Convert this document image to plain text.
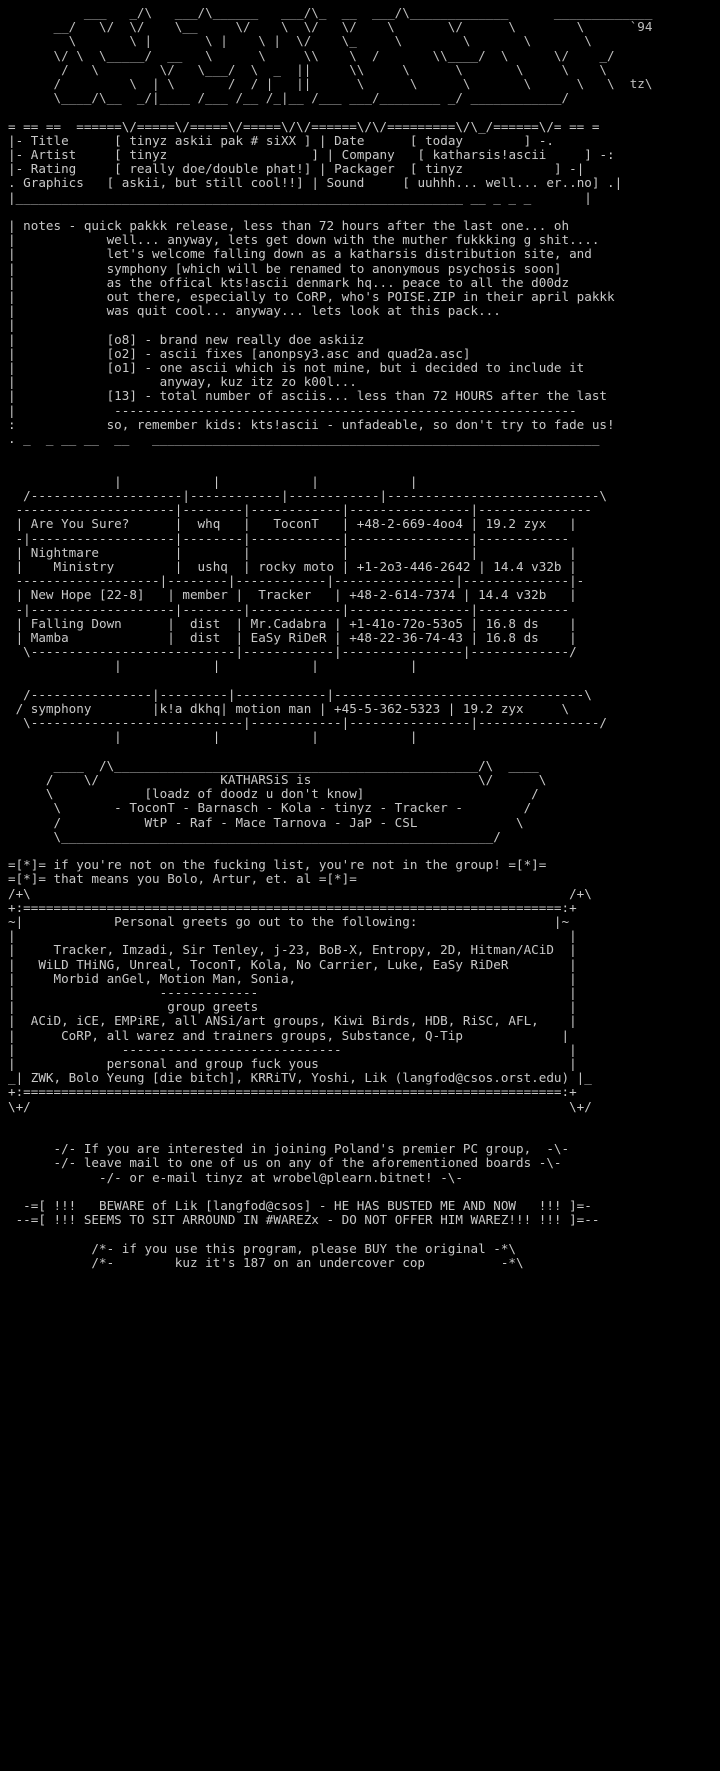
___   _/\   ___/\______   ___/\_  __  ___/\_____________      _____________
__/   \/  \/    \__     \/    \  \/   \/    \       \/      \        \      `94
\       \ |       \ |    \ |  \/    \_     \        \       \       \
\/ \  \_____/  __   \      \     \\    \  /       \\____/  \      \/    _/
/   \        \/   \___/  \  _  ||     \\     \      \       \     \    \
/         \  | \       /  / |   ||      \      \      \       \      \   \  tz\
\____/\__  _/|____ /___ /__ /_|__ /___ ___/________ _/ ____________/

= == ==  ======\/=====\/=====\/=====\/\/======\/\/=========\/\_/======\/= == =
|- Title	[ tinyz askii pak # siXX ] | Date	[ today	] -.
|- Artist	[ tinyz	] | Company [ katharsis!ascii	] -:
|- Rating	[ really doe/double phat!] | Packager [ tinyz	] -|
. Graphics [ askii, but still cool!!] | Sound	[ uuhhh... well... er..no] .|
|___________________________________________________________ __ _ _ _       |

| notes - quick pakkk release, less than 72 hours after the last one... oh
|            well... anyway, lets get down with the muther fukkking g shit....
|            let's welcome falling down as a katharsis distribution site, and
|            symphony [which will be renamed to anonymous psychosis soon]
|            as the offical kts!ascii denmark hq... peace to all the d00dz
|            out there, especially to CoRP, who's POISE.ZIP in their april pakkk
|            was quit cool... anyway... lets look at this pack...
|
|            [o8] - brand new really doe askiiz
|            [o2] - ascii fixes [anonpsy3.asc and quad2a.asc]
|            [o1] - one ascii which is not mine, but i decided to include it
|                   anyway, kuz itz zo k00l...
|            [13] - total number of asciis... less than 72 HOURS after the last
|             -------------------------------------------------------------
:            so, remember kids: kts!ascii - unfadeable, so don't try to fade us!
. _  _ __ __  __   ___________________________________________________________

|            |            |            |
/--------------------|------------|------------|----------------------------\
---------------------|--------|------------|----------------|---------------
| Are You Sure?      |  whq   |   ToconT   | +48-2-669-4oo4 | 19.2 zyx   |
-|-------------------|--------|------------|----------------|------------
| Nightmare          |        |            |                |            |
|    Ministry        |  ushq  | rocky moto | +1-2o3-446-2642 | 14.4 v32b |
-------------------|--------|------------|----------------|--------------|-
| New Hope [22-8]   | member |  Tracker   | +48-2-614-7374 | 14.4 v32b   |
-|-------------------|--------|------------|----------------|------------
| Falling Down      |  dist  | Mr.Cadabra | +1-41o-72o-53o5 | 16.8 ds    |
| Mamba             |  dist  | EaSy RiDeR | +48-22-36-74-43 | 16.8 ds    |
\---------------------------|------------|----------------|-------------/
|            |            |            |

/----------------|---------|------------|---------------------------------\
/ symphony        |k!a dkhq| motion man | +45-5-362-5323 | 19.2 zyx     \
\----------------------------|------------|----------------|----------------/
|            |            |            |

____  /\________________________________________________/\  ____
/    \/                KATHARSiS is                      \/      \
\            [loadz of doodz u don't know]                      /
\       - ToconT - Barnasch - Kola - tinyz - Tracker -        /
/           WtP - Raf - Mace Tarnova - JaP - CSL             \
\_________________________________________________________/

=[*]= if you're not on the fucking list, you're not in the group! =[*]=
=[*]= that means you Bolo, Artur, et. al =[*]=
/+\                                                                       /+\
+:=======================================================================:+
~|            Personal greets go out to the following:                  |~
|                                                                         |
|     Tracker, Imzadi, Sir Tenley, j-23, BoB-X, Entropy, 2D, Hitman/ACiD  |
|   WiLD THiNG, Unreal, ToconT, Kola, No Carrier, Luke, EaSy RiDeR        |
|     Morbid anGel, Motion Man, Sonia,                                    |
|                   -------------                                         |
|                    group greets                                         |
|  ACiD, iCE, EMPiRE, all ANSi/art groups, Kiwi Birds, HDB, RiSC, AFL,    |
|      CoRP, all warez and trainers groups, Substance, Q-Tip             |
|              -----------------------------                              |
|            personal and group fuck yous                                 |
_| ZWK, Bolo Yeung [die bitch], KRRiTV, Yoshi, Lik (langfod@csos.orst.edu) |_
+:=======================================================================:+
\+/                                                                       \+/

-/- If you are interested in joining Poland's premier PC group,  -\-
-/- leave mail to one of us on any of the aforementioned boards -\-
-/- or e-mail tinyz at wrobel@plearn.bitnet! -\-

-=[ !!!   BEWARE of Lik [langfod@csos] - HE HAS BUSTED ME AND NOW   !!! ]=-
--=[ !!! SEEMS TO SIT ARROUND IN #WAREZx - DO NOT OFFER HIM WAREZ!!! !!! ]=--

/*- if you use this program, please BUY the original -*\
/*-        kuz it's 187 on an undercover cop          -*\
